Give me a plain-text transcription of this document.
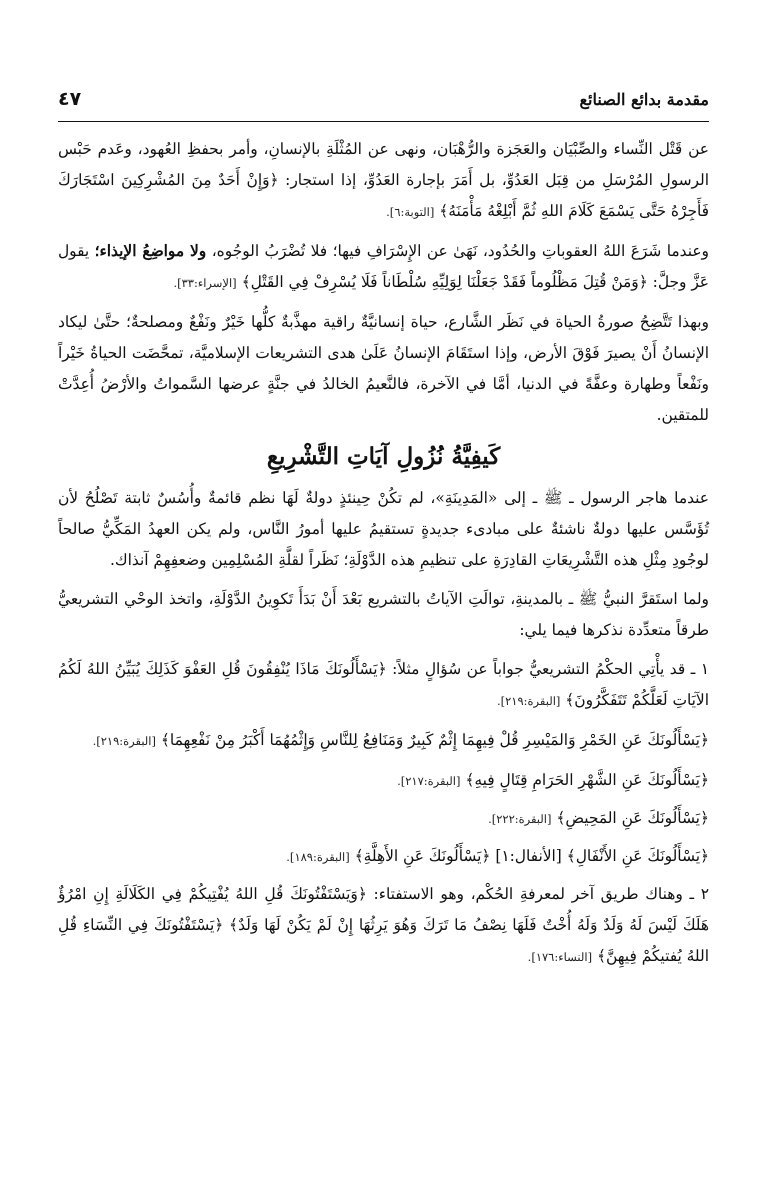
مقدمة بدائع الصنائع
٤٧

عن قَتْل النِّساء والصِّبْيَان والعَجَزة والرُّهْبَان، ونهى عن المُثْلَةِ بالإنسانِ، وأمر بحفظِ العُهود، وعَدم حَبْس الرسولِ المُرْسَلِ من قِبَل العَدُوِّ، بل أَمَرَ بإجارة العَدُوِّ، إذا استجار: ﴿وَإِنْ أَحَدٌ مِنَ المُشْرِكِينَ اسْتَجَارَكَ فَأَجِرْهُ حَتَّى يَسْمَعَ كَلَامَ اللهِ ثُمَّ أَبْلِغْهُ مَأْمَنَهُ﴾ [التوبة:٦].

وعندما شَرَعَ اللهُ العقوباتِ والحُدُود، نَهَىٰ عن الإِسْرَافِ فيها؛ فلا تُضْرَبُ الوجُوه، ولا مواضِعُ الإيذاء؛ يقول عَزَّ وجلَّ: ﴿وَمَنْ قُتِلَ مَظْلُوماً فَقَدْ جَعَلْنَا لِوَلِيِّهِ سُلْطَاناً فَلَا يُسْرِفْ فِي القَتْلِ﴾ [الإسراء:٣٣].

وبهذا تَتَّضِحُ صورةُ الحياة في نَظَر الشَّارع، حياة إنسانيَّةٌ راقية مهذَّبةٌ كلُّها خَيْرٌ ونَفْعٌ ومصلحةٌ؛ حتَّىٰ ليكاد الإنسانُ أَنْ يصيرَ فَوْقَ الأرض، وإذا استَقَامَ الإنسانُ عَلَىٰ هدى التشريعات الإسلاميَّة، تمحَّضَت الحياةُ خَيْراً ونَفْعاً وطهارة وعفَّةً في الدنيا، أمَّا في الآخرة، فالنَّعيمُ الخالدُ في جنَّةٍ عرضها السَّمواتُ والأرْضُ أُعِدَّتْ للمتقين.

كَيفِيَّةُ نُزُولِ آيَاتِ التَّشْرِيعِ

عندما هاجر الرسول ـ ﷺ ـ إلى «المَدِينَةِ»، لم تكُنْ حِينئذٍ دولةٌ لَهَا نظم قائمةٌ وأُسُسٌ ثابتة تَصْلُحُ لأن تُؤَسَّس عليها دولةٌ ناشئةٌ على مبادىء جديدةٍ تستقيمُ عليها أمورُ النَّاس، ولم يكن العهدُ المَكِّيُّ صالحاً لوجُودِ مِثْلِ هذه التَّشْرِيعَاتِ القادِرَةِ على تنظيمِ هذه الدَّوْلَةِ؛ نَظَراً لقلَّةِ المُسْلِمِين وضعفِهِمْ آنذاك.

ولما استَقرَّ النبيُّ ﷺ ـ بالمدينةِ، توالَتِ الآياتُ بالتشريع بَعْدَ أَنْ بَدَأَ تَكوِينُ الدَّوْلَةِ، واتخذ الوحْي التشريعيُّ طرقاً متعدِّدة نذكرها فيما يلي:

١ ـ قد يأْتِي الحكْمُ التشريعيُّ جواباً عن سُؤالٍ مثلاً: ﴿يَسْأَلُونَكَ مَاذَا يُنْفِقُونَ قُلِ العَفْوَ كَذَلِكَ يُبَيِّنُ اللهُ لَكُمُ الآيَاتِ لَعَلَّكُمْ تَتَفَكَّرُونَ﴾ [البقرة:٢١٩].

﴿يَسْأَلُونَكَ عَنِ الخَمْرِ وَالمَيْسِرِ قُلْ فِيهِمَا إِثْمٌ كَبِيرٌ وَمَنَافِعُ لِلنَّاسِ وَإِثْمُهُمَا أَكْبَرُ مِنْ نَفْعِهِمَا﴾ [البقرة:٢١٩].

﴿يَسْأَلُونَكَ عَنِ الشَّهْرِ الحَرَامِ قِتَالٍ فِيهِ﴾ [البقرة:٢١٧].

﴿يَسْأَلُونَكَ عَنِ المَحِيضِ﴾ [البقرة:٢٢٢].

﴿يَسْأَلُونَكَ عَنِ الأَنْفَالِ﴾ [الأنفال:١] ﴿يَسْأَلُونَكَ عَنِ الأَهِلَّةِ﴾ [البقرة:١٨٩].

٢ ـ وهناك طريق آخر لمعرفةِ الحُكْم، وهو الاستفتاء: ﴿وَيَسْتَفْتُونَكَ قُلِ اللهُ يُفْتِيكُمْ فِي الكَلَالَةِ إِنِ امْرُؤٌ هَلَكَ لَيْسَ لَهُ وَلَدٌ وَلَهُ أُخْتٌ فَلَهَا نِصْفُ مَا تَرَكَ وَهُوَ يَرِثُهَا إِنْ لَمْ يَكُنْ لَهَا وَلَدٌ﴾ ﴿يَسْتَفْتُونَكَ فِي النِّسَاءِ قُلِ اللهُ يُفتيكُمْ فِيهِنَّ﴾ [النساء:١٧٦].
